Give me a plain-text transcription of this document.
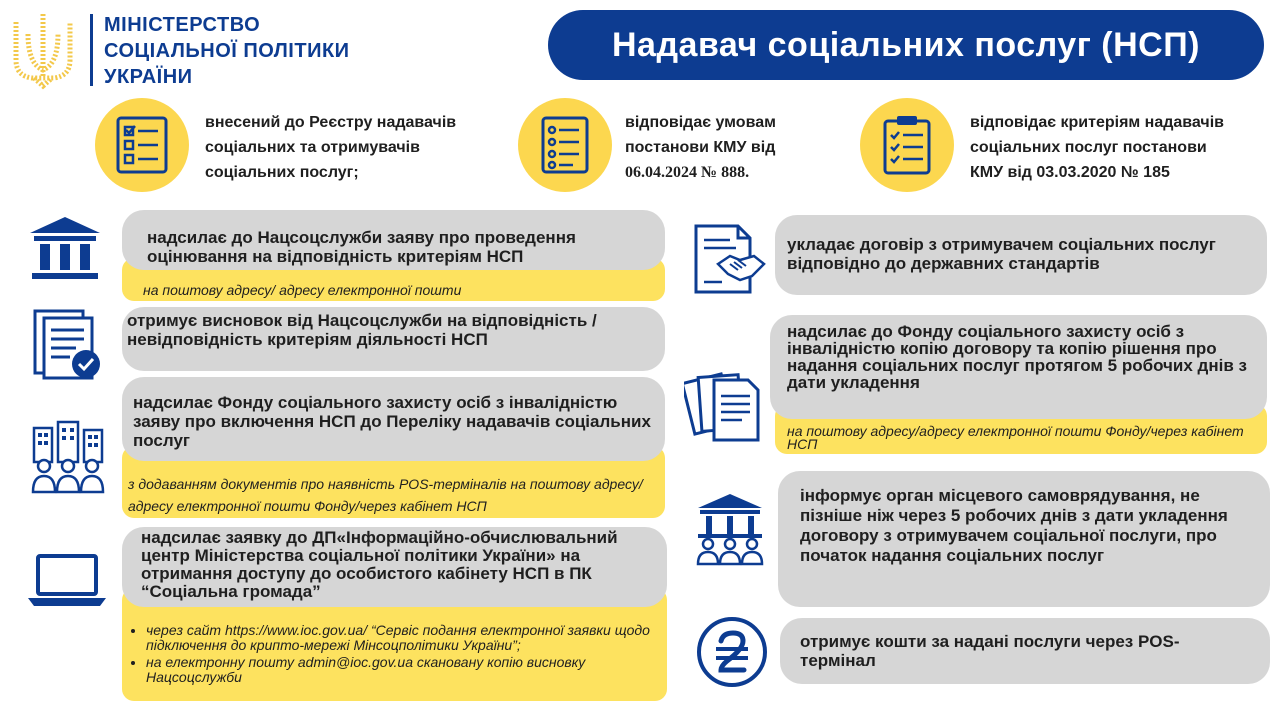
МІНІСТЕРСТВО
СОЦІАЛЬНОЇ ПОЛІТИКИ
УКРАЇНИ
Надавач соціальних послуг (НСП)
внесений до Реєстру надавачів соціальних та отримувачів соціальних послуг;
відповідає умовам постанови КМУ від
06.04.2024 № 888.
відповідає критеріям надавачів соціальних послуг постанови
КМУ від 03.03.2020 № 185
надсилає до Нацсоцслужби заяву про проведення оцінювання на відповідність критеріям НСП
на поштову адресу/ адресу електронної пошти
отримує висновок від Нацсоцслужби на відповідність /невідповідність критеріям діяльності НСП
надсилає Фонду соціального захисту осіб з інвалідністю заяву про включення НСП до Переліку надавачів соціальних послуг
з додаванням документів про наявність POS-терміналів на поштову адресу/адресу електронної пошти Фонду/через кабінет НСП
надсилає заявку до ДП«Інформаційно-обчислювальний центр Міністерства соціальної політики України» на отримання доступу до особистого кабінету НСП в ПК “Соціальна громада”
• через сайт https://www.ioc.gov.ua/ “Сервіс подання електронної заявки щодо підключення до крипто-мережі Мінсоцполітики України”;
• на електронну пошту admin@ioc.gov.ua скановану копію висновку Нацсоцслужби
укладає договір з отримувачем соціальних послуг відповідно до державних стандартів
надсилає до Фонду соціального захисту осіб з інвалідністю копію договору та копію рішення про надання соціальних послуг протягом 5 робочих днів з дати укладення
на поштову адресу/адресу електронної пошти Фонду/через кабінет НСП
інформує орган місцевого самоврядування, не пізніше ніж через 5 робочих днів з дати укладення договору з отримувачем соціальної послуги, про початок надання соціальних послуг
отримує кошти за надані послуги через POS-термінал
